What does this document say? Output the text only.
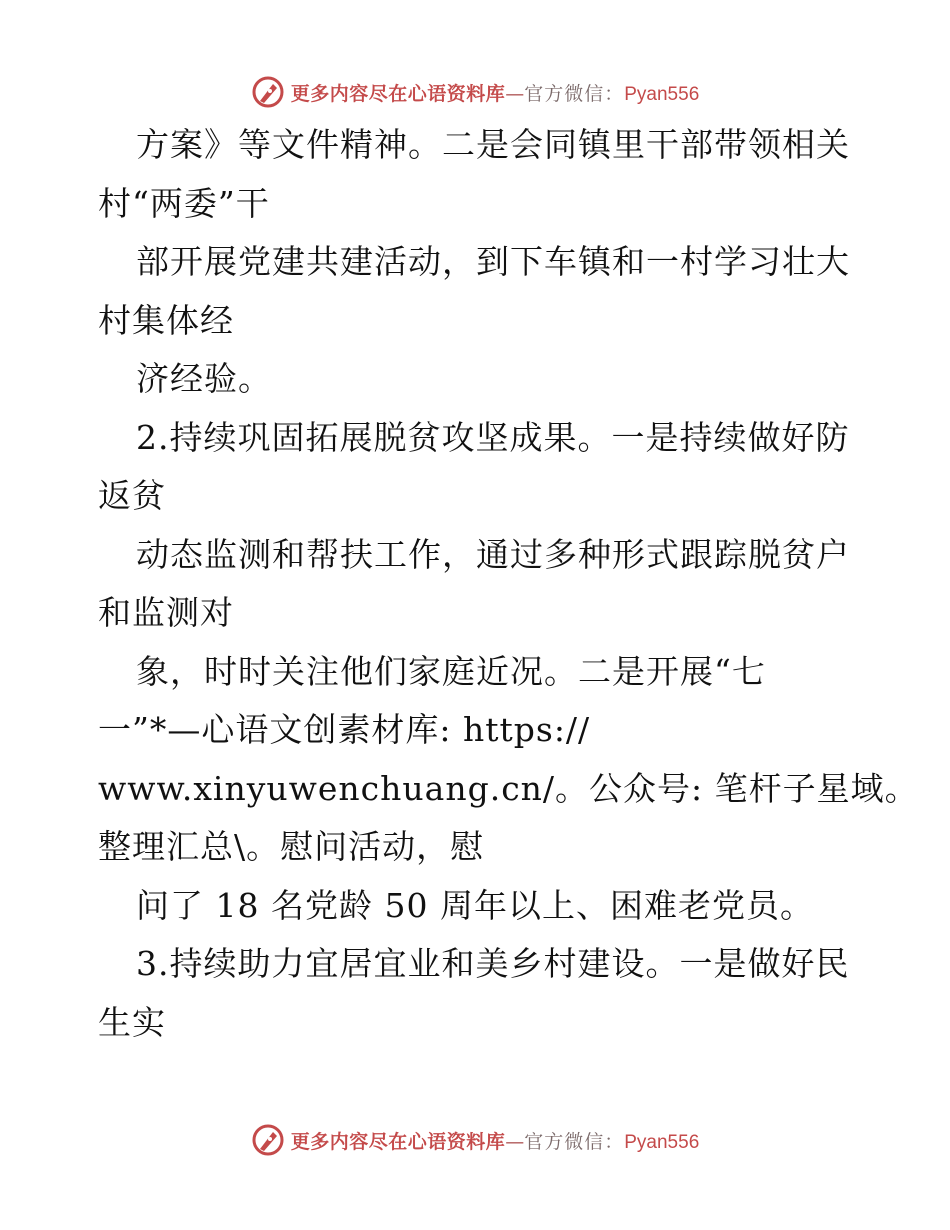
更多内容尽在心语资料库 — 官方微信： Pyan556
方案》等文件精神。二是会同镇里干部带领相关
村“两委”干
部开展党建共建活动，到下车镇和一村学习壮大
村集体经
济经验。
2.持续巩固拓展脱贫攻坚成果。一是持续做好防
返贫
动态监测和帮扶工作，通过多种形式跟踪脱贫户
和监测对
象，时时关注他们家庭近况。二是开展“七
一”*—心语文创素材库: https://
www.xinyuwenchuang.cn/。公众号: 笔杆子星域。
整理汇总\。慰问活动，慰
问了 18 名党龄 50 周年以上、困难老党员。
3.持续助力宜居宜业和美乡村建设。一是做好民
生实
更多内容尽在心语资料库 — 官方微信： Pyan556
